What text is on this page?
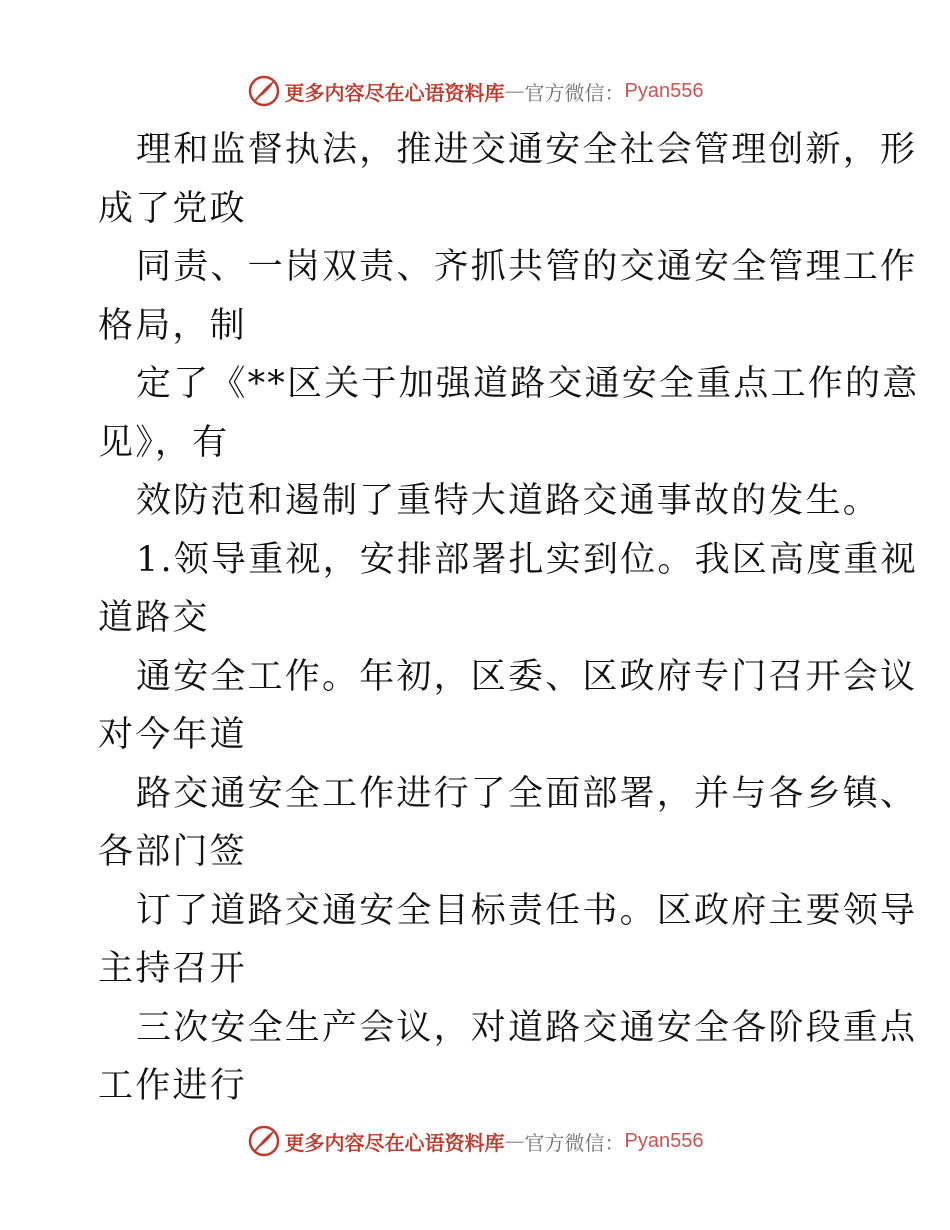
更多内容尽在心语资料库 — 官方微信： Pyan556
理和监督执法，推进交通安全社会管理创新，形
成了党政
同责、一岗双责、齐抓共管的交通安全管理工作
格局，制
定了《**区关于加强道路交通安全重点工作的意
见》，有
效防范和遏制了重特大道路交通事故的发生。
1.领导重视，安排部署扎实到位。我区高度重视
道路交
通安全工作。年初，区委、区政府专门召开会议
对今年道
路交通安全工作进行了全面部署，并与各乡镇、
各部门签
订了道路交通安全目标责任书。区政府主要领导
主持召开
三次安全生产会议，对道路交通安全各阶段重点
工作进行
更多内容尽在心语资料库 — 官方微信： Pyan556
